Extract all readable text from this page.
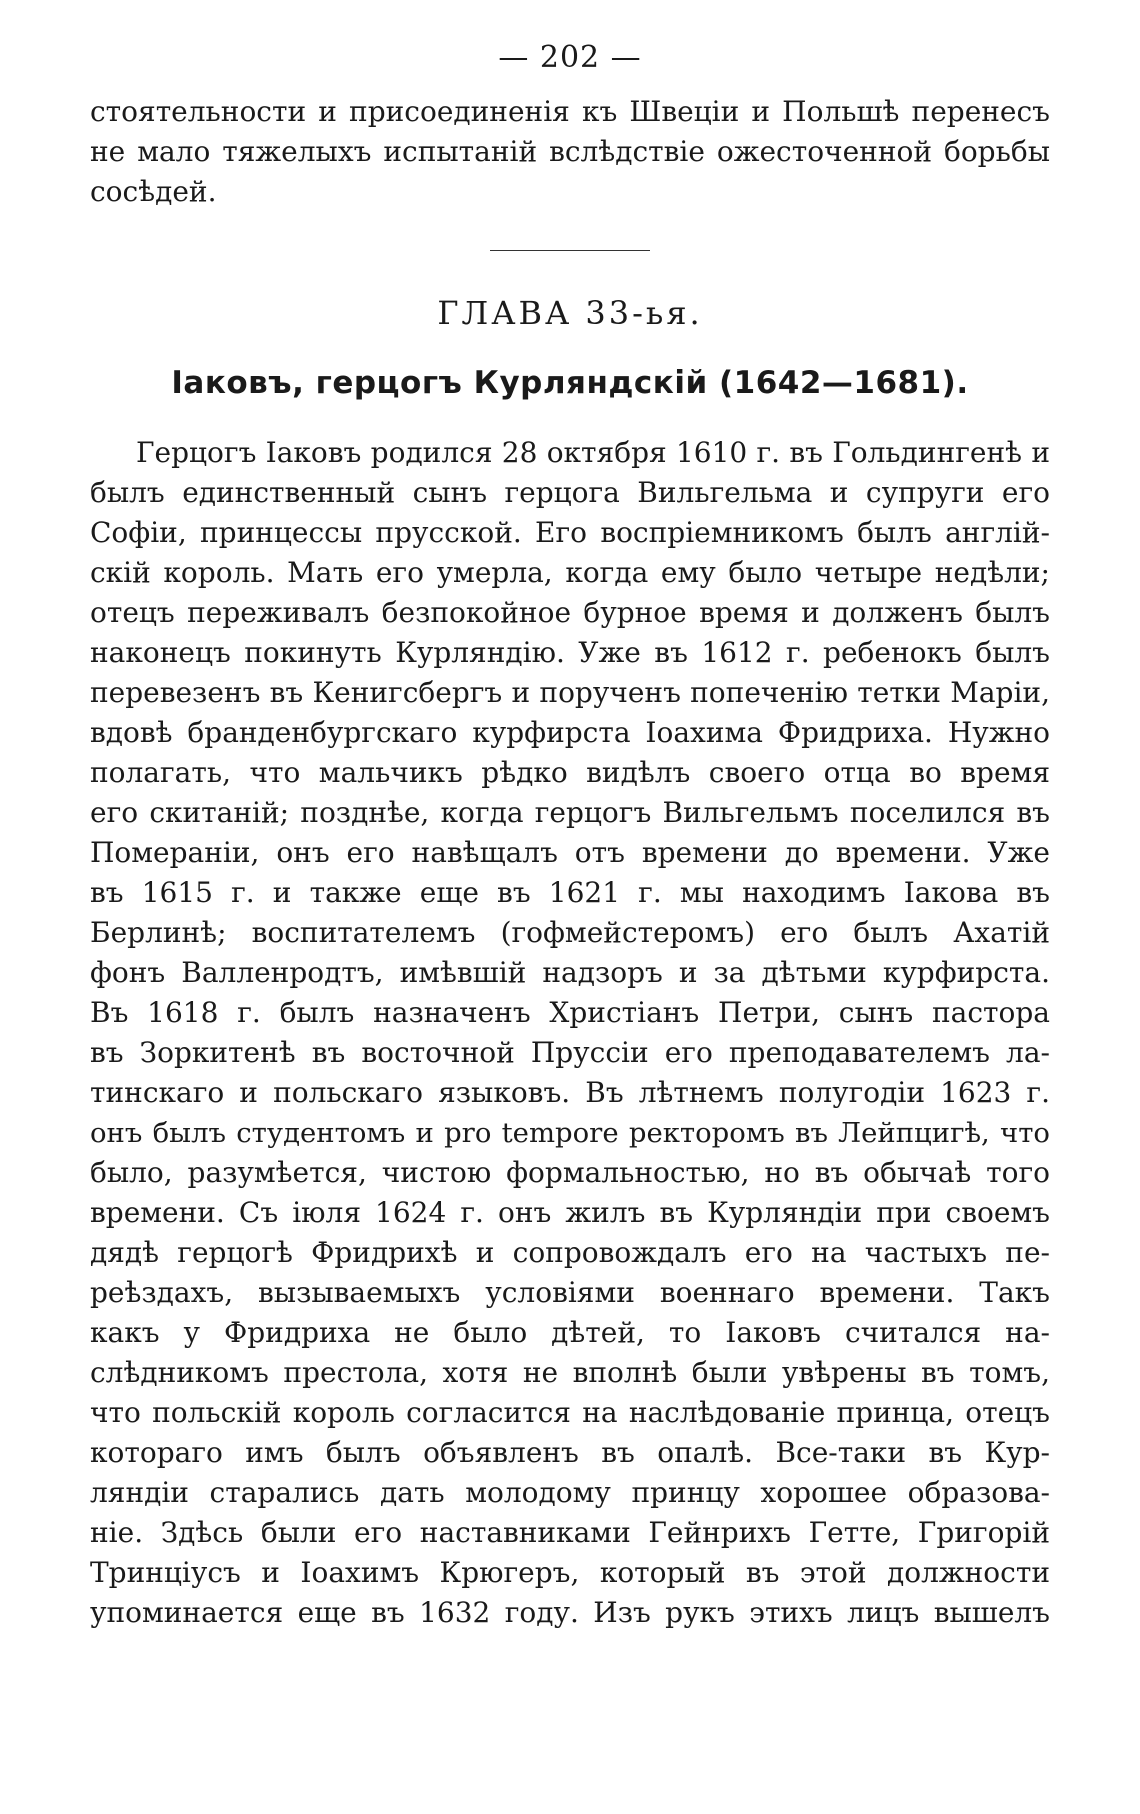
— 202 —
стоятельности и присоединенія къ Швеціи и Польшѣ перенесъ
не мало тяжелыхъ испытаній вслѣдствіе ожесточенной борьбы
сосѣдей.
ГЛАВА 33-ья.
Іаковъ, герцогъ Курляндскій (1642—1681).
Герцогъ Іаковъ родился 28 октября 1610 г. въ Гольдингенѣ и
былъ единственный сынъ герцога Вильгельма и супруги его
Софіи, принцессы прусской. Его воспріемникомъ былъ англій-
скій король. Мать его умерла, когда ему было четыре недѣли;
отецъ переживалъ безпокойное бурное время и долженъ былъ
наконецъ покинуть Курляндію. Уже въ 1612 г. ребенокъ былъ
перевезенъ въ Кенигсбергъ и порученъ попеченію тетки Маріи,
вдовѣ бранденбургскаго курфирста Іоахима Фридриха. Нужно
полагать, что мальчикъ рѣдко видѣлъ своего отца во время
его скитаній; позднѣе, когда герцогъ Вильгельмъ поселился въ
Помераніи, онъ его навѣщалъ отъ времени до времени. Уже
въ 1615 г. и также еще въ 1621 г. мы находимъ Іакова въ
Берлинѣ; воспитателемъ (гофмейстеромъ) его былъ Ахатій
фонъ Валленродтъ, имѣвшій надзоръ и за дѣтьми курфирста.
Въ 1618 г. былъ назначенъ Христіанъ Петри, сынъ пастора
въ Зоркитенѣ въ восточной Пруссіи его преподавателемъ ла-
тинскаго и польскаго языковъ. Въ лѣтнемъ полугодіи 1623 г.
онъ былъ студентомъ и pro tempore ректоромъ въ Лейпцигѣ, что
было, разумѣется, чистою формальностью, но въ обычаѣ того
времени. Съ іюля 1624 г. онъ жилъ въ Курляндіи при своемъ
дядѣ герцогѣ Фридрихѣ и сопровождалъ его на частыхъ пе-
реѣздахъ, вызываемыхъ условіями военнаго времени. Такъ
какъ у Фридриха не было дѣтей, то Іаковъ считался на-
слѣдникомъ престола, хотя не вполнѣ были увѣрены въ томъ,
что польскій король согласится на наслѣдованіе принца, отецъ
котораго имъ былъ объявленъ въ опалѣ. Все-таки въ Кур-
ляндіи старались дать молодому принцу хорошее образова-
ніе. Здѣсь были его наставниками Гейнрихъ Гетте, Григорій
Тринціусъ и Іоахимъ Крюгеръ, который въ этой должности
упоминается еще въ 1632 году. Изъ рукъ этихъ лицъ вышелъ
